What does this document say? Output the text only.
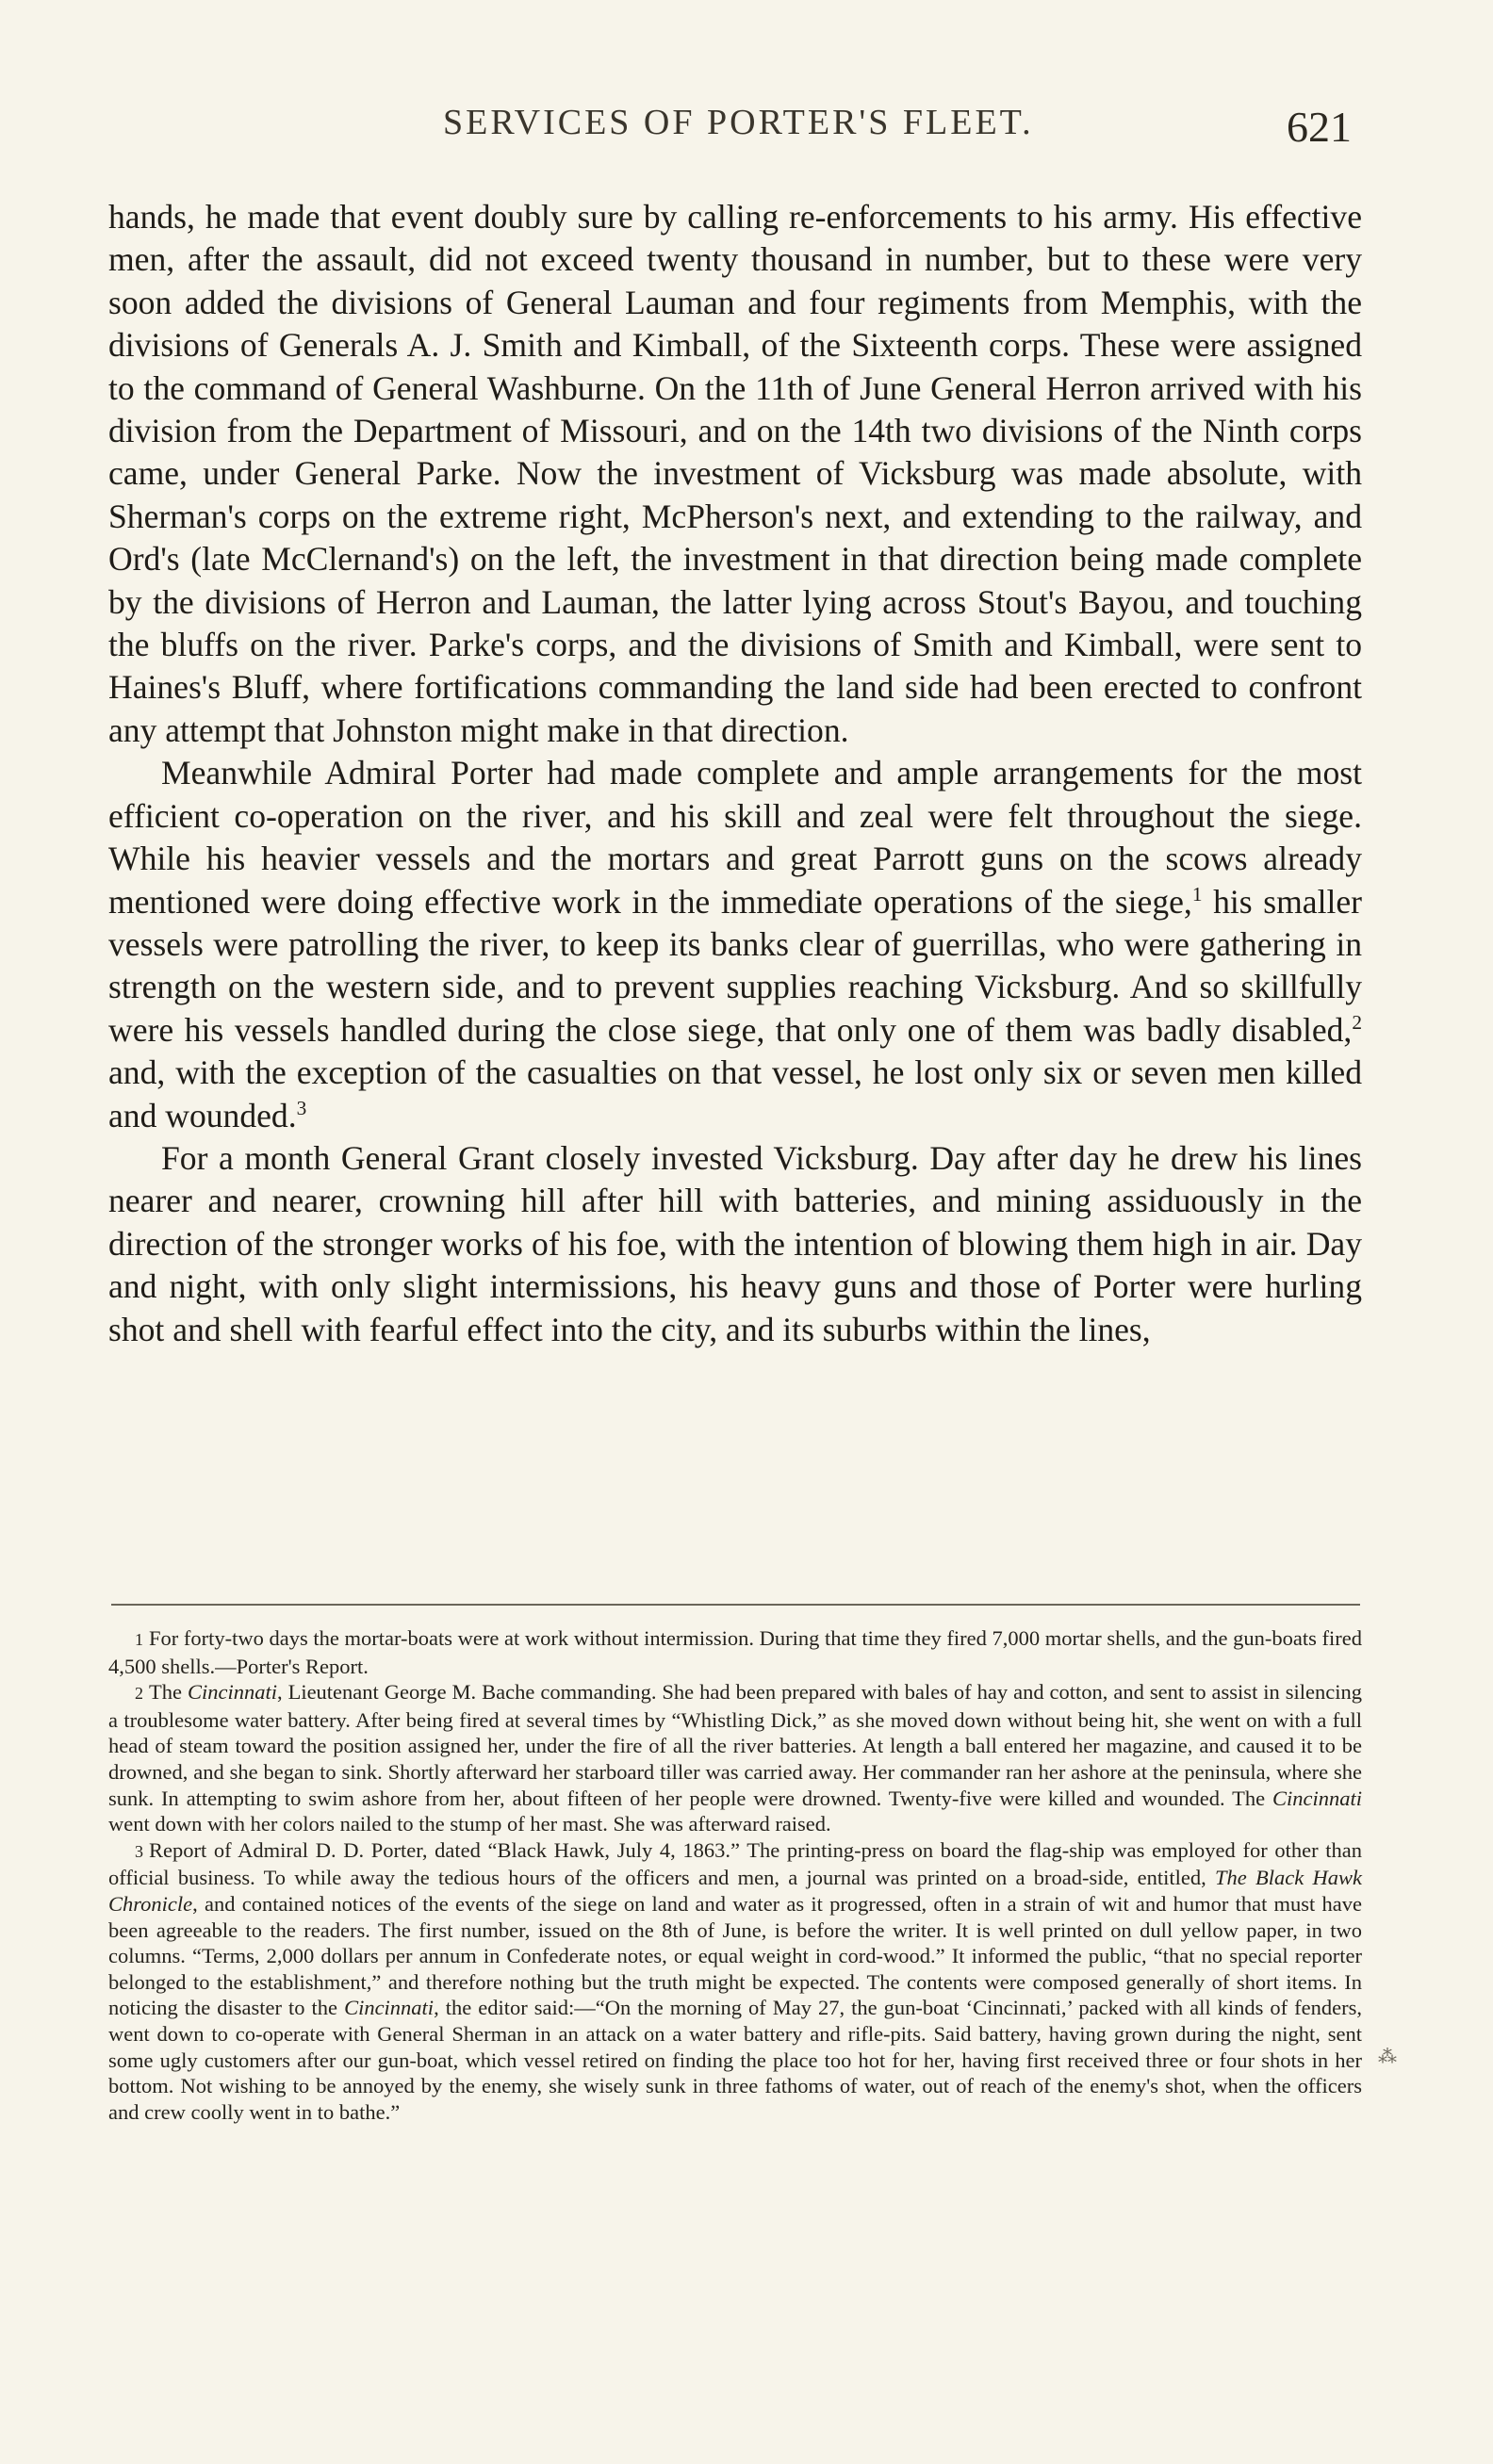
SERVICES OF PORTER'S FLEET.	621

hands, he made that event doubly sure by calling re-enforcements to his army. His effective men, after the assault, did not exceed twenty thousand in number, but to these were very soon added the divisions of General Lauman and four regiments from Memphis, with the divisions of Generals A. J. Smith and Kimball, of the Sixteenth corps. These were assigned to the command of General Washburne. On the 11th of June General Herron arrived with his division from the Department of Missouri, and on the 14th two divisions of the Ninth corps came, under General Parke. Now the investment of Vicksburg was made absolute, with Sherman's corps on the extreme right, McPherson's next, and extending to the railway, and Ord's (late McClernand's) on the left, the investment in that direction being made complete by the divisions of Herron and Lauman, the latter lying across Stout's Bayou, and touching the bluffs on the river. Parke's corps, and the divisions of Smith and Kimball, were sent to Haines's Bluff, where fortifications commanding the land side had been erected to confront any attempt that Johnston might make in that direction.

Meanwhile Admiral Porter had made complete and ample arrangements for the most efficient co-operation on the river, and his skill and zeal were felt throughout the siege. While his heavier vessels and the mortars and great Parrott guns on the scows already mentioned were doing effective work in the immediate operations of the siege,$^1$ his smaller vessels were patrolling the river, to keep its banks clear of guerrillas, who were gathering in strength on the western side, and to prevent supplies reaching Vicksburg. And so skillfully were his vessels handled during the close siege, that only one of them was badly disabled,$^2$ and, with the exception of the casualties on that vessel, he lost only six or seven men killed and wounded.$^3$

For a month General Grant closely invested Vicksburg. Day after day he drew his lines nearer and nearer, crowning hill after hill with batteries, and mining assiduously in the direction of the stronger works of his foe, with the intention of blowing them high in air. Day and night, with only slight intermissions, his heavy guns and those of Porter were hurling shot and shell with fearful effect into the city, and its suburbs within the lines,

1 For forty-two days the mortar-boats were at work without intermission. During that time they fired 7,000 mortar shells, and the gun-boats fired 4,500 shells.—Porter's Report.

2 The Cincinnati, Lieutenant George M. Bache commanding. She had been prepared with bales of hay and cotton, and sent to assist in silencing a troublesome water battery. After being fired at several times by “Whistling Dick,” as she moved down without being hit, she went on with a full head of steam toward the position assigned her, under the fire of all the river batteries. At length a ball entered her magazine, and caused it to be drowned, and she began to sink. Shortly afterward her starboard tiller was carried away. Her commander ran her ashore at the peninsula, where she sunk. In attempting to swim ashore from her, about fifteen of her people were drowned. Twenty-five were killed and wounded. The Cincinnati went down with her colors nailed to the stump of her mast. She was afterward raised.

3 Report of Admiral D. D. Porter, dated “Black Hawk, July 4, 1863.” The printing-press on board the flag-ship was employed for other than official business. To while away the tedious hours of the officers and men, a journal was printed on a broad-side, entitled, The Black Hawk Chronicle, and contained notices of the events of the siege on land and water as it progressed, often in a strain of wit and humor that must have been agreeable to the readers. The first number, issued on the 8th of June, is before the writer. It is well printed on dull yellow paper, in two columns. “Terms, 2,000 dollars per annum in Confederate notes, or equal weight in cord-wood.” It informed the public, “that no special reporter belonged to the establishment,” and therefore nothing but the truth might be expected. The contents were composed generally of short items. In noticing the disaster to the Cincinnati, the editor said:—“On the morning of May 27, the gun-boat ‘Cincinnati,’ packed with all kinds of fenders, went down to co-operate with General Sherman in an attack on a water battery and rifle-pits. Said battery, having grown during the night, sent some ugly customers after our gun-boat, which vessel retired on finding the place too hot for her, having first received three or four shots in her bottom. Not wishing to be annoyed by the enemy, she wisely sunk in three fathoms of water, out of reach of the enemy's shot, when the officers and crew coolly went in to bathe.”

⁂
